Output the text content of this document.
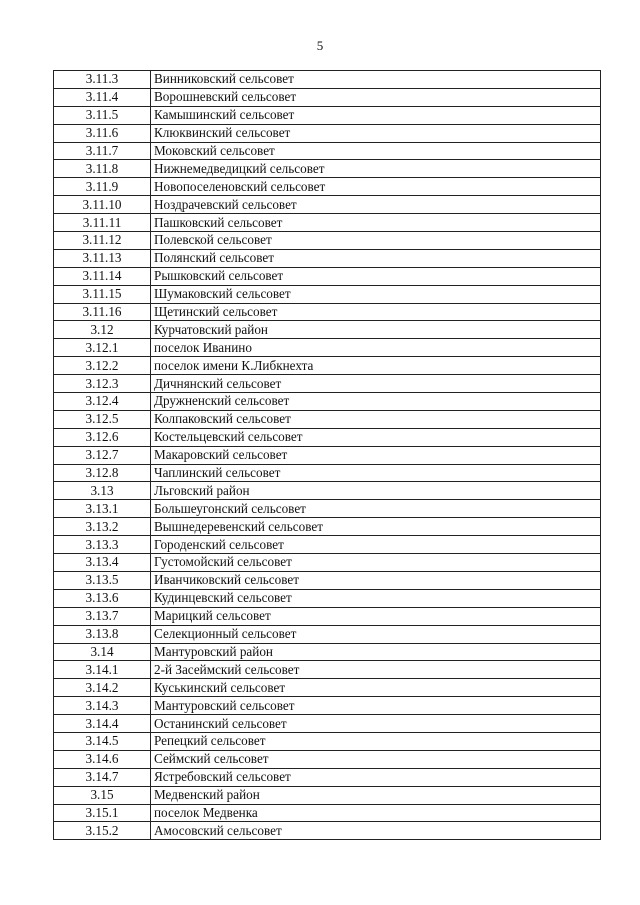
5
3.11.3	Винниковский сельсовет
3.11.4	Ворошневский сельсовет
3.11.5	Камышинский сельсовет
3.11.6	Клюквинский сельсовет
3.11.7	Моковский сельсовет
3.11.8	Нижнемедведицкий сельсовет
3.11.9	Новопоселеновский сельсовет
3.11.10	Ноздрачевский сельсовет
3.11.11	Пашковский сельсовет
3.11.12	Полевской сельсовет
3.11.13	Полянский сельсовет
3.11.14	Рышковский сельсовет
3.11.15	Шумаковский сельсовет
3.11.16	Щетинский сельсовет
3.12	Курчатовский район
3.12.1	поселок Иванино
3.12.2	поселок имени К.Либкнехта
3.12.3	Дичнянский сельсовет
3.12.4	Дружненский сельсовет
3.12.5	Колпаковский сельсовет
3.12.6	Костельцевский сельсовет
3.12.7	Макаровский сельсовет
3.12.8	Чаплинский сельсовет
3.13	Льговский район
3.13.1	Большеугонский сельсовет
3.13.2	Вышнедеревенский сельсовет
3.13.3	Городенский сельсовет
3.13.4	Густомойский сельсовет
3.13.5	Иванчиковский сельсовет
3.13.6	Кудинцевский сельсовет
3.13.7	Марицкий сельсовет
3.13.8	Селекционный сельсовет
3.14	Мантуровский район
3.14.1	2-й Засеймский сельсовет
3.14.2	Куськинский сельсовет
3.14.3	Мантуровский сельсовет
3.14.4	Останинский сельсовет
3.14.5	Репецкий сельсовет
3.14.6	Сеймский сельсовет
3.14.7	Ястребовский сельсовет
3.15	Медвенский район
3.15.1	поселок Медвенка
3.15.2	Амосовский сельсовет
